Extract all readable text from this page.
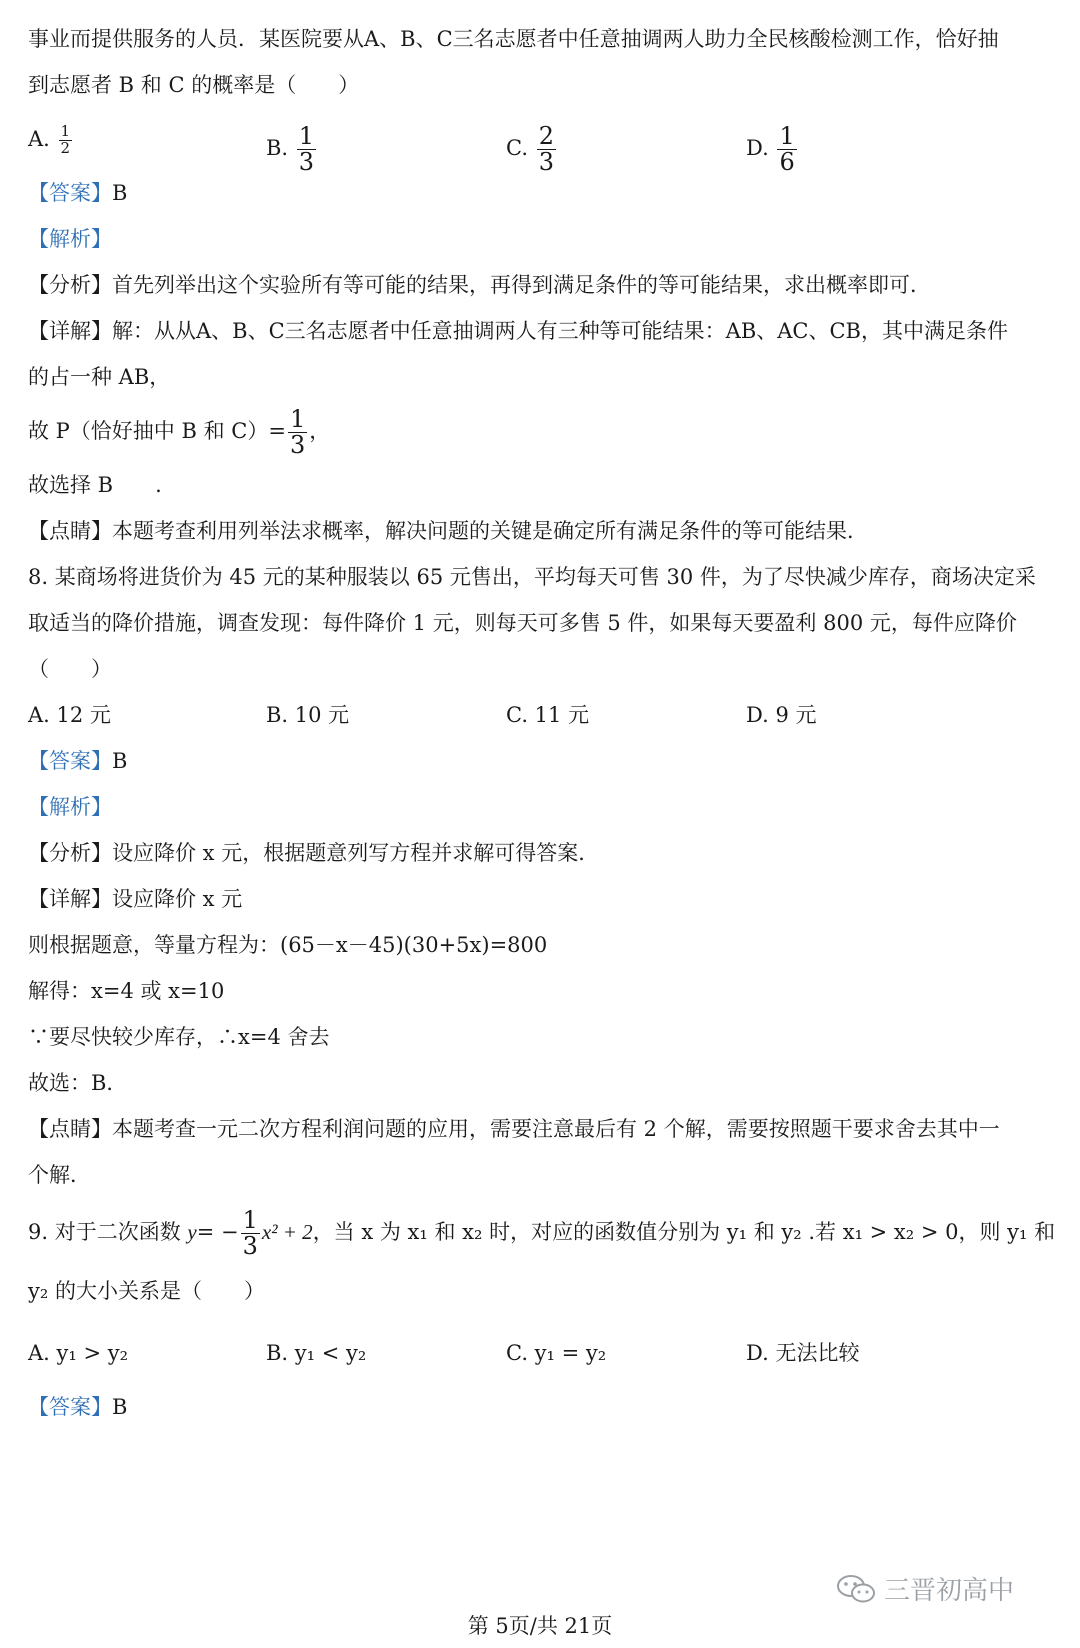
事业而提供服务的人员．某医院要从A、B、C三名志愿者中任意抽调两人助力全民核酸检测工作，恰好抽
到志愿者 B 和 C 的概率是（　　）
A. $\frac{1}{2}$	B. $\frac{1}{3}$	C. $\frac{2}{3}$	D. $\frac{1}{6}$
【答案】B
【解析】
【分析】首先列举出这个实验所有等可能的结果，再得到满足条件的等可能结果，求出概率即可．
【详解】解：从从A、B、C三名志愿者中任意抽调两人有三种等可能结果：AB、AC、CB，其中满足条件
的占一种 AB，
故 P（恰好抽中 B 和 $C)= \frac{1}{3}$ ，
故选择 B　　.
【点睛】本题考查利用列举法求概率，解决问题的关键是确定所有满足条件的等可能结果．
8. 某商场将进货价为 45 元的某种服装以 65 元售出，平均每天可售 30 件，为了尽快减少库存，商场决定采
取适当的降价措施，调查发现：每件降价 1 元，则每天可多售 5 件，如果每天要盈利 800 元，每件应降价
（　　）
A. 12 元	B. 10 元	C. 11 元	D. 9 元
【答案】B
【解析】
【分析】设应降价 x 元，根据题意列写方程并求解可得答案．
【详解】设应降价 x 元
则根据题意，等量方程为：(65－x－45)(30+5x)=800
解得：x=4 或 x=10
∵要尽快较少库存，∴x=4 舍去
故选：B．
【点睛】本题考查一元二次方程利润问题的应用，需要注意最后有 2 个解，需要按照题干要求舍去其中一
个解．
9. 对于二次函数 $y= - \frac{1}{3} x^2 + 2$，当 x 为 x₁ 和 x₂ 时，对应的函数值分别为 y₁ 和 y₂ .若 x₁ > x₂ > 0，则 y₁ 和
y₂ 的大小关系是（　　）
A. y₁ > y₂	B. y₁ < y₂	C. y₁ = y₂	D. 无法比较
【答案】B
三晋初高中
第 5页/共 21页
